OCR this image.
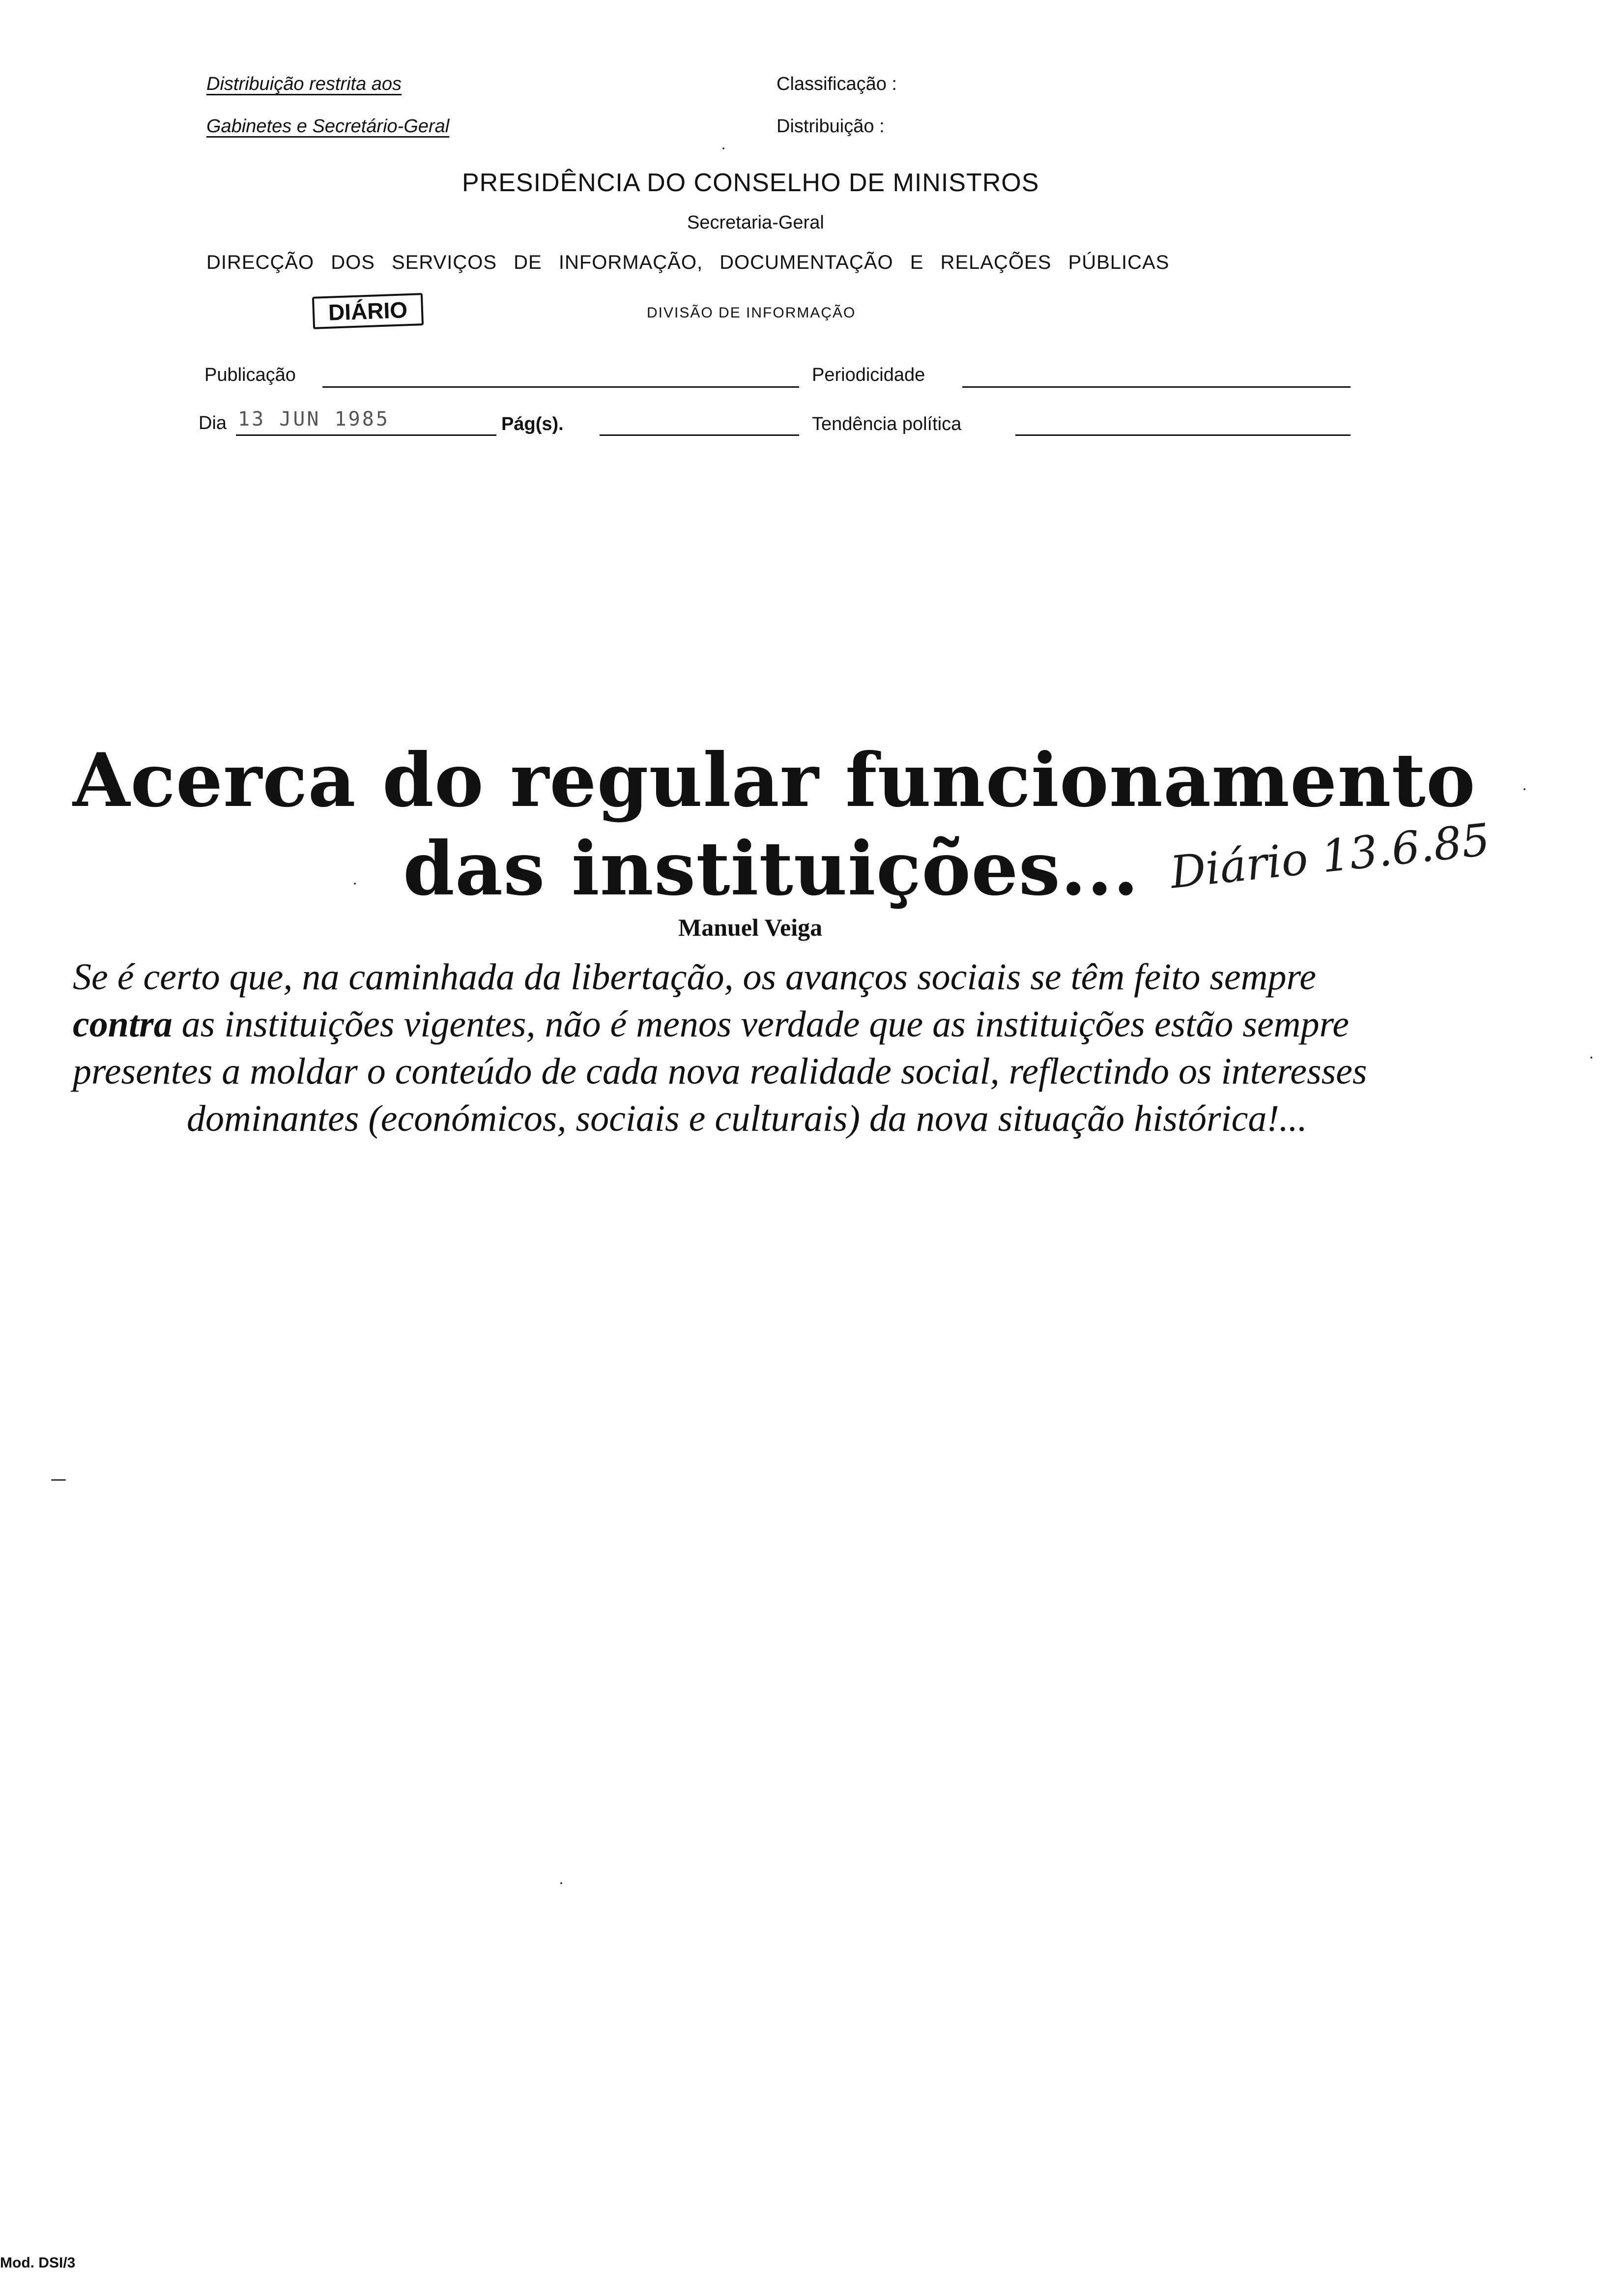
Distribuição restrita aos
Gabinetes e Secretário-Geral
Classificação :
Distribuição :
PRESIDÊNCIA DO CONSELHO DE MINISTROS
Secretaria-Geral
DIRECÇÃO DOS SERVIÇOS DE INFORMAÇÃO, DOCUMENTAÇÃO E RELAÇÕES PÚBLICAS
DIÁRIO	DIVISÃO DE INFORMAÇÃO
Publicação	Periodicidade
Dia 13 JUN 1985	Pág(s).	Tendência política
Acerca do regular funcionamento
das instituições... Diário 13.6.85
Manuel Veiga
Se é certo que, na caminhada da libertação, os avanços sociais se têm feito sempre
contra as instituições vigentes, não é menos verdade que as instituições estão sempre
presentes a moldar o conteúdo de cada nova realidade social, reflectindo os interesses
dominantes (económicos, sociais e culturais) da nova situação histórica!...
Mod. DSI/3
